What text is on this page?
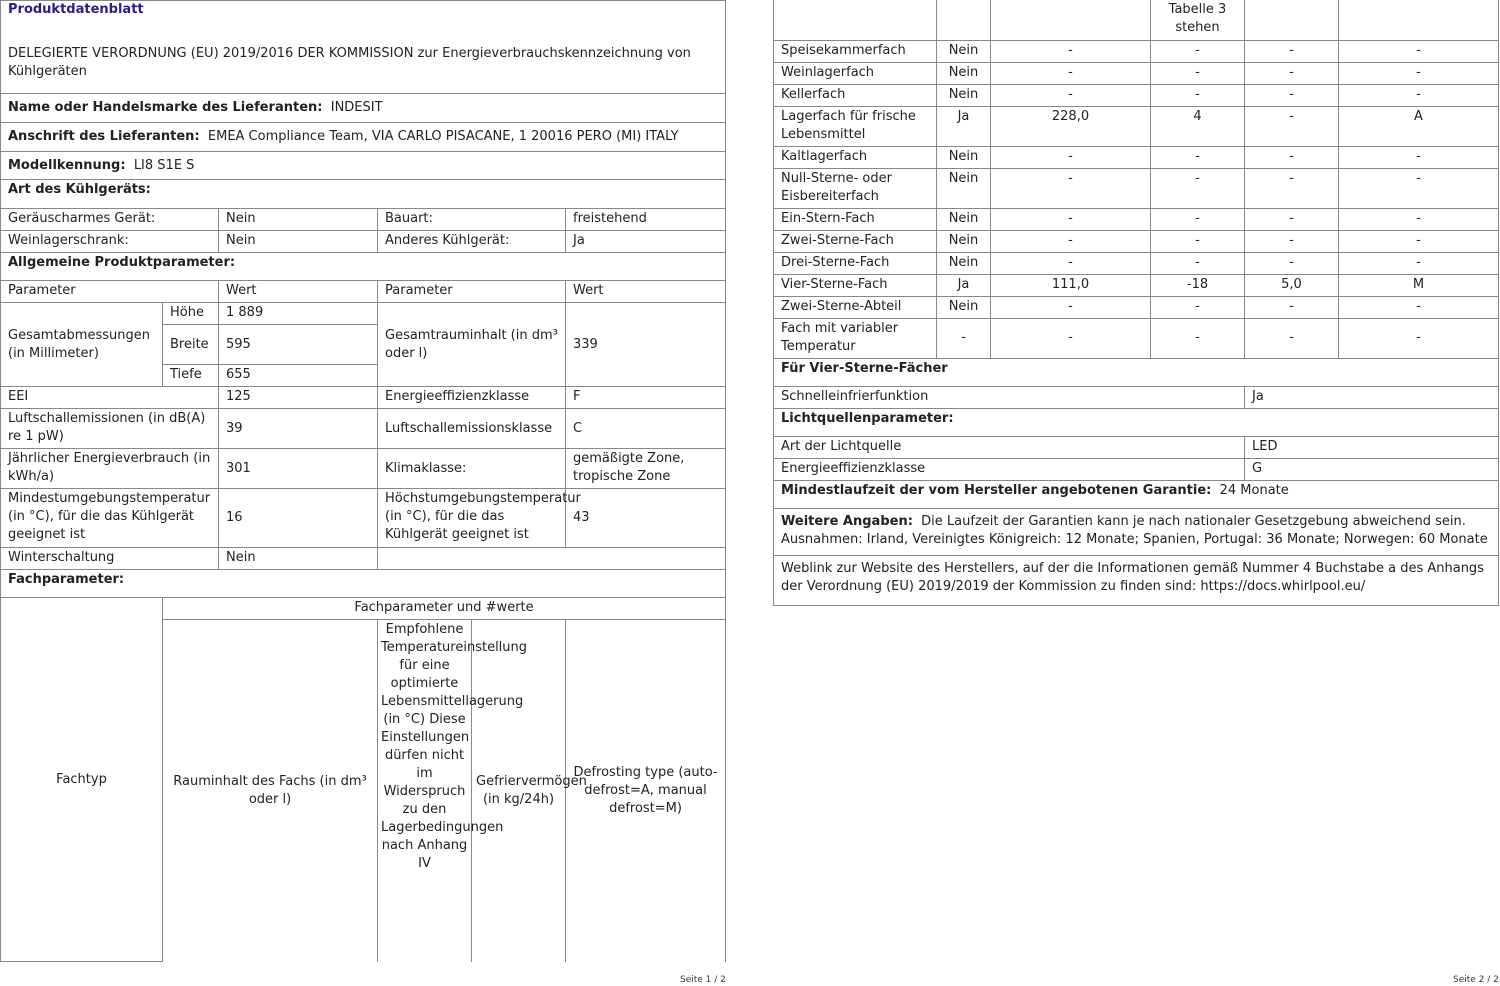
Produktdatenblatt					
DELEGIERTE VERORDNUNG (EU) 2019/2016 DER KOMMISSION zur Energieverbrauchskennzeichnung von Kühlgeräten					
Name oder Handelsmarke des Lieferanten: INDESIT					
Anschrift des Lieferanten: EMEA Compliance Team, VIA CARLO PISACANE, 1 20016 PERO (MI) ITALY					
Modellkennung: LI8 S1E S					
Art des Kühlgeräts:					
Geräuscharmes Gerät:		Nein	Bauart:		freistehend
Weinlagerschrank:		Nein	Anderes Kühlgerät:		Ja
Allgemeine Produktparameter:					
Parameter		Wert	Parameter		Wert
Gesamtabmessungen (in Millimeter)	Höhe	1 889	Gesamtrauminhalt (in dm³ oder l)		339
	Breite	595			
	Tiefe	655			
EEI		125	Energieeffizienzklasse		F
Luftschallemissionen (in dB(A) re 1 pW)		39	Luftschallemissionsklasse		C
Jährlicher Energieverbrauch (in kWh/a)		301	Klimaklasse:		gemäßigte Zone, tropische Zone
Mindestumgebungstemperatur (in °C), für die das Kühlgerät geeignet ist		16	Höchstumgebungstemperatur (in °C), für die das Kühlgerät geeignet ist		43
Winterschaltung		Nein			
Fachparameter:					
Fachtyp	Fachparameter und #werte				
	Rauminhalt des Fachs (in dm³ oder l)		Empfohlene Temperatureinstellung für eine optimierte Lebensmittellagerung (in °C) Diese Einstellungen dürfen nicht im Widerspruch zu den Lagerbedingungen nach Anhang IV	Gefriervermögen (in kg/24h)	Defrosting type (auto-defrost=A, manual defrost=M)
Seite 1 / 2
			Tabelle 3 stehen		
Speisekammerfach	Nein	-	-	-	-
Weinlagerfach	Nein	-	-	-	-
Kellerfach	Nein	-	-	-	-
Lagerfach für frische Lebensmittel	Ja	228,0	4	-	A
Kaltlagerfach	Nein	-	-	-	-
Null-Sterne- oder Eisbereiterfach	Nein	-	-	-	-
Ein-Stern-Fach	Nein	-	-	-	-
Zwei-Sterne-Fach	Nein	-	-	-	-
Drei-Sterne-Fach	Nein	-	-	-	-
Vier-Sterne-Fach	Ja	111,0	-18	5,0	M
Zwei-Sterne-Abteil	Nein	-	-	-	-
Fach mit variabler Temperatur	-	-	-	-	-
Für Vier-Sterne-Fächer					
Schnelleinfrierfunktion				Ja	
Lichtquellenparameter:					
Art der Lichtquelle				LED	
Energieeffizienzklasse				G	
Mindestlaufzeit der vom Hersteller angebotenen Garantie: 24 Monate					
Weitere Angaben: Die Laufzeit der Garantien kann je nach nationaler Gesetzgebung abweichend sein. Ausnahmen: Irland, Vereinigtes Königreich: 12 Monate; Spanien, Portugal: 36 Monate; Norwegen: 60 Monate					
Weblink zur Website des Herstellers, auf der die Informationen gemäß Nummer 4 Buchstabe a des Anhangs der Verordnung (EU) 2019/2019 der Kommission zu finden sind: https://docs.whirlpool.eu/					
Seite 2 / 2
